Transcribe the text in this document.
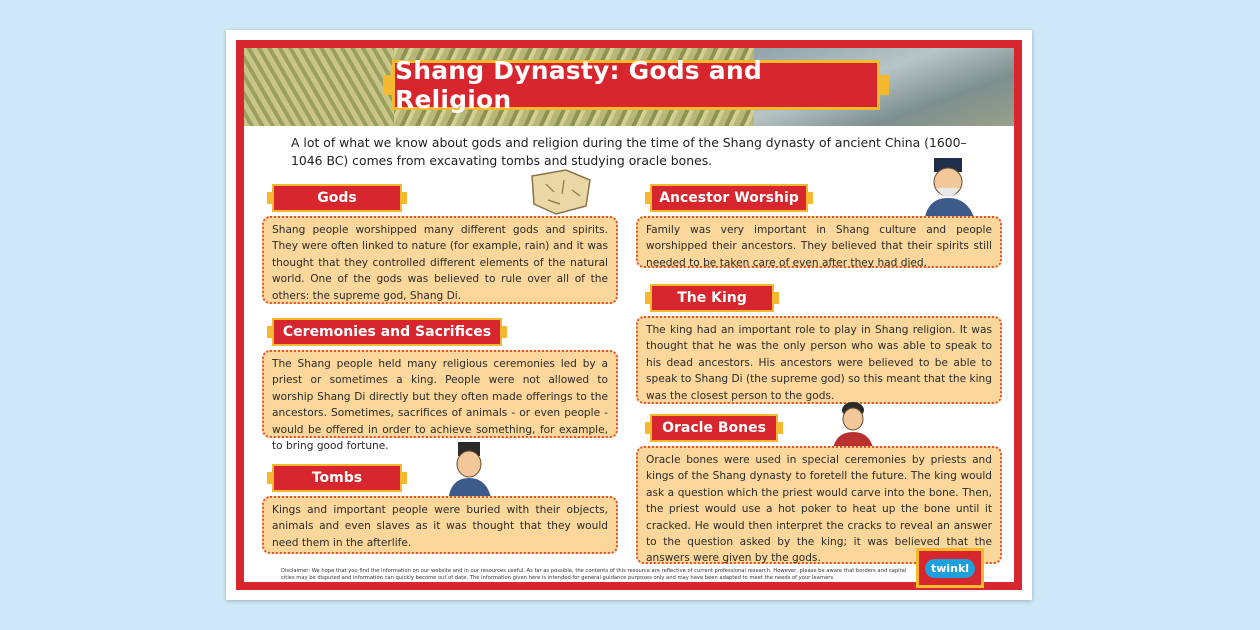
Shang Dynasty: Gods and Religion
A lot of what we know about gods and religion during the time of the Shang dynasty of ancient China (1600–1046 BC) comes from excavating tombs and studying oracle bones.
Gods
Shang people worshipped many different gods and spirits. They were often linked to nature (for example, rain) and it was thought that they controlled different elements of the natural world. One of the gods was believed to rule over all of the others: the supreme god, Shang Di.
Ceremonies and Sacrifices
The Shang people held many religious ceremonies led by a priest or sometimes a king. People were not allowed to worship Shang Di directly but they often made offerings to the ancestors. Sometimes, sacrifices of animals - or even people - would be offered in order to achieve something, for example, to bring good fortune.
Tombs
Kings and important people were buried with their objects, animals and even slaves as it was thought that they would need them in the afterlife.
Ancestor Worship
Family was very important in Shang culture and people worshipped their ancestors. They believed that their spirits still needed to be taken care of even after they had died.
The King
The king had an important role to play in Shang religion. It was thought that he was the only person who was able to speak to his dead ancestors. His ancestors were believed to be able to speak to Shang Di (the supreme god) so this meant that the king was the closest person to the gods.
Oracle Bones
Oracle bones were used in special ceremonies by priests and kings of the Shang dynasty to foretell the future. The king would ask a question which the priest would carve into the bone. Then, the priest would use a hot poker to heat up the bone until it cracked. He would then interpret the cracks to reveal an answer to the question asked by the king; it was believed that the answers were given by the gods.
Disclaimer: We hope that you find the information on our website and in our resources useful. As far as possible, the contents of this resource are reflective of current professional research. However, please be aware that borders and capital cities may be disputed and information can quickly become out of date. The information given here is intended for general guidance purposes only and may have been adapted to meet the needs of your learners.
twinkl
